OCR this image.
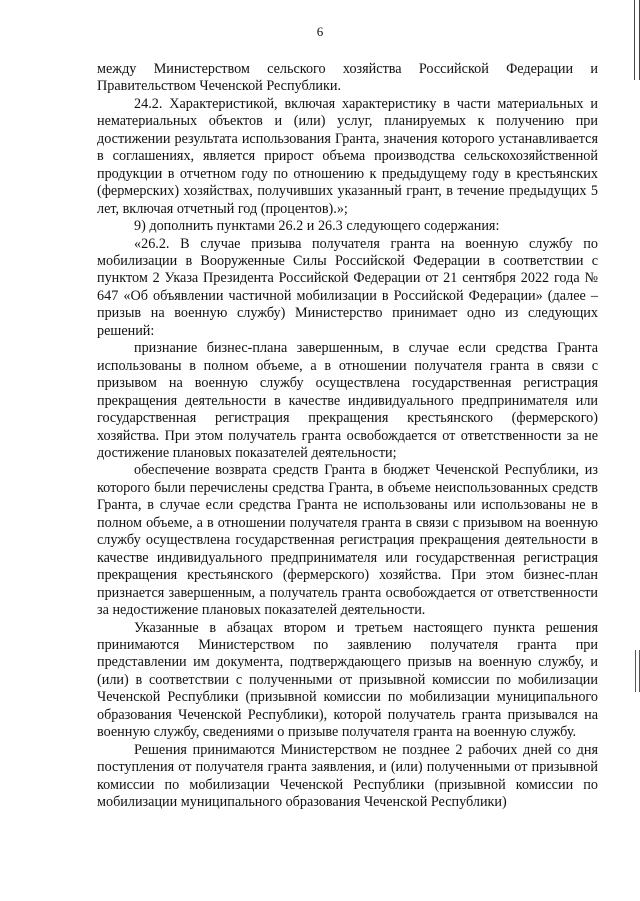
6

между Министерством сельского хозяйства Российской Федерации и Правительством Чеченской Республики.

24.2. Характеристикой, включая характеристику в части материальных и нематериальных объектов и (или) услуг, планируемых к получению при достижении результата использования Гранта, значения которого устанавливается в соглашениях, является прирост объема производства сельскохозяйственной продукции в отчетном году по отношению к предыдущему году в крестьянских (фермерских) хозяйствах, получивших указанный грант, в течение предыдущих 5 лет, включая отчетный год (процентов).»;

9) дополнить пунктами 26.2 и 26.3 следующего содержания:

«26.2. В случае призыва получателя гранта на военную службу по мобилизации в Вооруженные Силы Российской Федерации в соответствии с пунктом 2 Указа Президента Российской Федерации от 21 сентября 2022 года № 647 «Об объявлении частичной мобилизации в Российской Федерации» (далее – призыв на военную службу) Министерство принимает одно из следующих решений:

признание бизнес-плана завершенным, в случае если средства Гранта использованы в полном объеме, а в отношении получателя гранта в связи с призывом на военную службу осуществлена государственная регистрация прекращения деятельности в качестве индивидуального предпринимателя или государственная регистрация прекращения крестьянского (фермерского) хозяйства. При этом получатель гранта освобождается от ответственности за не достижение плановых показателей деятельности;

обеспечение возврата средств Гранта в бюджет Чеченской Республики, из которого были перечислены средства Гранта, в объеме неиспользованных средств Гранта, в случае если средства Гранта не использованы или использованы не в полном объеме, а в отношении получателя гранта в связи с призывом на военную службу осуществлена государственная регистрация прекращения деятельности в качестве индивидуального предпринимателя или государственная регистрация прекращения крестьянского (фермерского) хозяйства. При этом бизнес-план признается завершенным, а получатель гранта освобождается от ответственности за недостижение плановых показателей деятельности.

Указанные в абзацах втором и третьем настоящего пункта решения принимаются Министерством по заявлению получателя гранта при представлении им документа, подтверждающего призыв на военную службу, и (или) в соответствии с полученными от призывной комиссии по мобилизации Чеченской Республики (призывной комиссии по мобилизации муниципального образования Чеченской Республики), которой получатель гранта призывался на военную службу, сведениями о призыве получателя гранта на военную службу.

Решения принимаются Министерством не позднее 2 рабочих дней со дня поступления от получателя гранта заявления, и (или) полученными от призывной комиссии по мобилизации Чеченской Республики (призывной комиссии по мобилизации муниципального образования Чеченской Республики)
